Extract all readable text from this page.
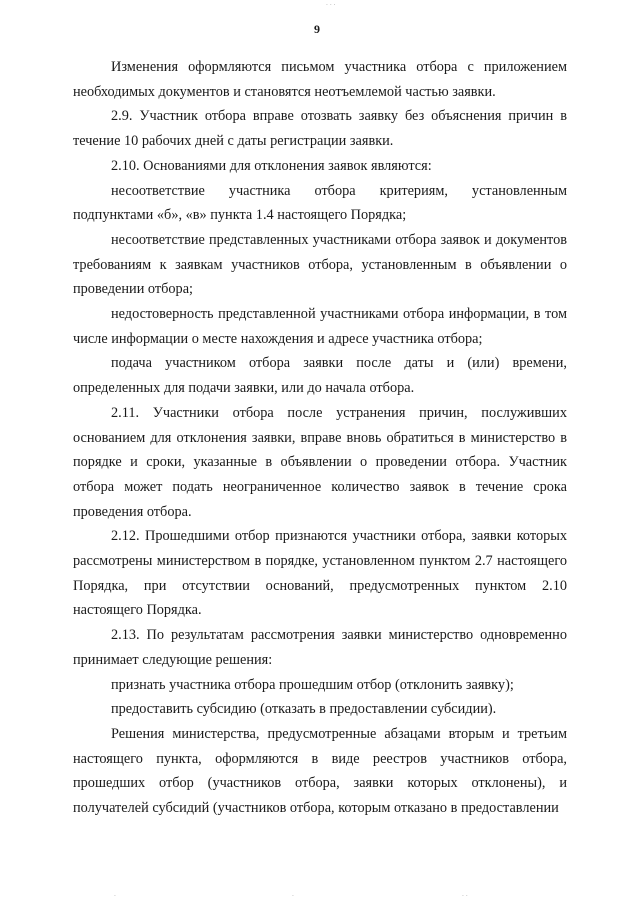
· · ·
9

Изменения оформляются письмом участника отбора с приложением необходимых документов и становятся неотъемлемой частью заявки.

2.9. Участник отбора вправе отозвать заявку без объяснения причин в течение 10 рабочих дней с даты регистрации заявки.

2.10. Основаниями для отклонения заявок являются:

несоответствие участника отбора критериям, установленным подпунктами «б», «в» пункта 1.4 настоящего Порядка;

несоответствие представленных участниками отбора заявок и документов требованиям к заявкам участников отбора, установленным в объявлении о проведении отбора;

недостоверность представленной участниками отбора информации, в том числе информации о месте нахождения и адресе участника отбора;

подача участником отбора заявки после даты и (или) времени, определенных для подачи заявки, или до начала отбора.

2.11. Участники отбора после устранения причин, послуживших основанием для отклонения заявки, вправе вновь обратиться в министерство в порядке и сроки, указанные в объявлении о проведении отбора. Участник отбора может подать неограниченное количество заявок в течение срока проведения отбора.

2.12. Прошедшими отбор признаются участники отбора, заявки которых рассмотрены министерством в порядке, установленном пунктом 2.7 настоящего Порядка, при отсутствии оснований, предусмотренных пунктом 2.10 настоящего Порядка.

2.13. По результатам рассмотрения заявки министерство одновременно принимает следующие решения:

признать участника отбора прошедшим отбор (отклонить заявку);

предоставить субсидию (отказать в предоставлении субсидии).

Решения министерства, предусмотренные абзацами вторым и третьим настоящего пункта, оформляются в виде реестров участников отбора, прошедших отбор (участников отбора, заявки которых отклонены), и получателей субсидий (участников отбора, которым отказано в предоставлении

·	·	· ·
